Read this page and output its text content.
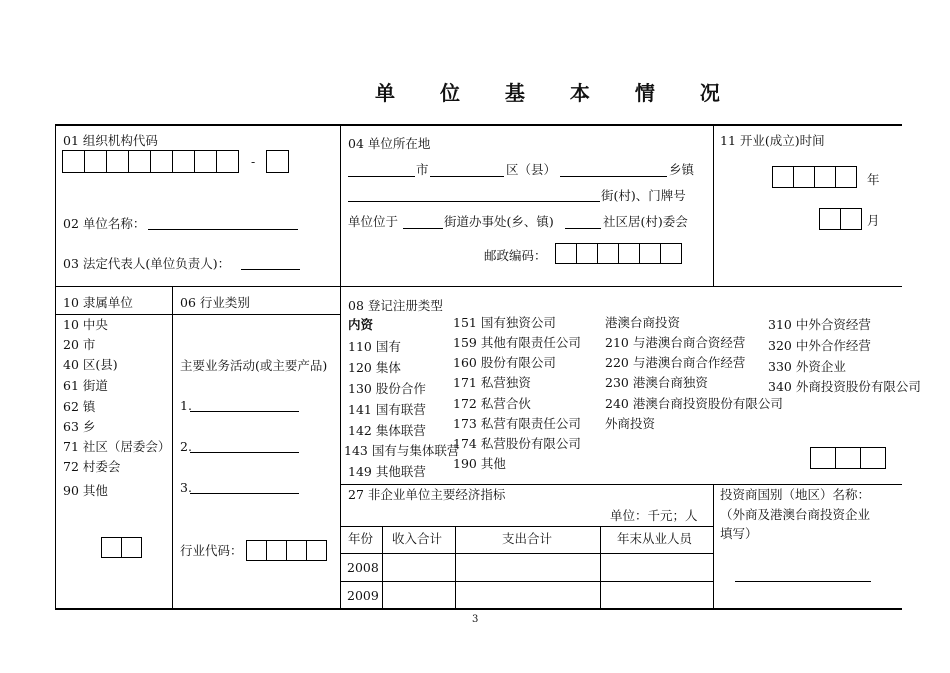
单 位 基 本 情 况
01 组织机构代码
-
02 单位名称：
03 法定代表人(单位负责人)：
04 单位所在地
市	区（县）	乡镇
街(村)、门牌号
单位位于	街道办事处(乡、镇)	社区居(村)委会
邮政编码：
11 开业(成立)时间
年
月
10 隶属单位
10 中央
20 市
40 区(县)
61 街道
62 镇
63 乡
71 社区（居委会）
72 村委会
90 其他
06 行业类别
主要业务活动(或主要产品)
1.
2.
3.
行业代码：
08 登记注册类型
内资
110 国有
120 集体
130 股份合作
141 国有联营
142 集体联营
143 国有与集体联营
149 其他联营
151 国有独资公司
159 其他有限责任公司
160 股份有限公司
171 私营独资
172 私营合伙
173 私营有限责任公司
174 私营股份有限公司
190 其他
港澳台商投资
210 与港澳台商合资经营
220 与港澳台商合作经营
230 港澳台商独资
240 港澳台商投资股份有限公司
外商投资
310 中外合资经营
320 中外合作经营
330 外资企业
340 外商投资股份有限公司
27 非企业单位主要经济指标
单位：千元；人
年份 收入合计	支出合计	年末从业人员
2008
2009
投资商国别（地区）名称：
（外商及港澳台商投资企业
填写）
3
